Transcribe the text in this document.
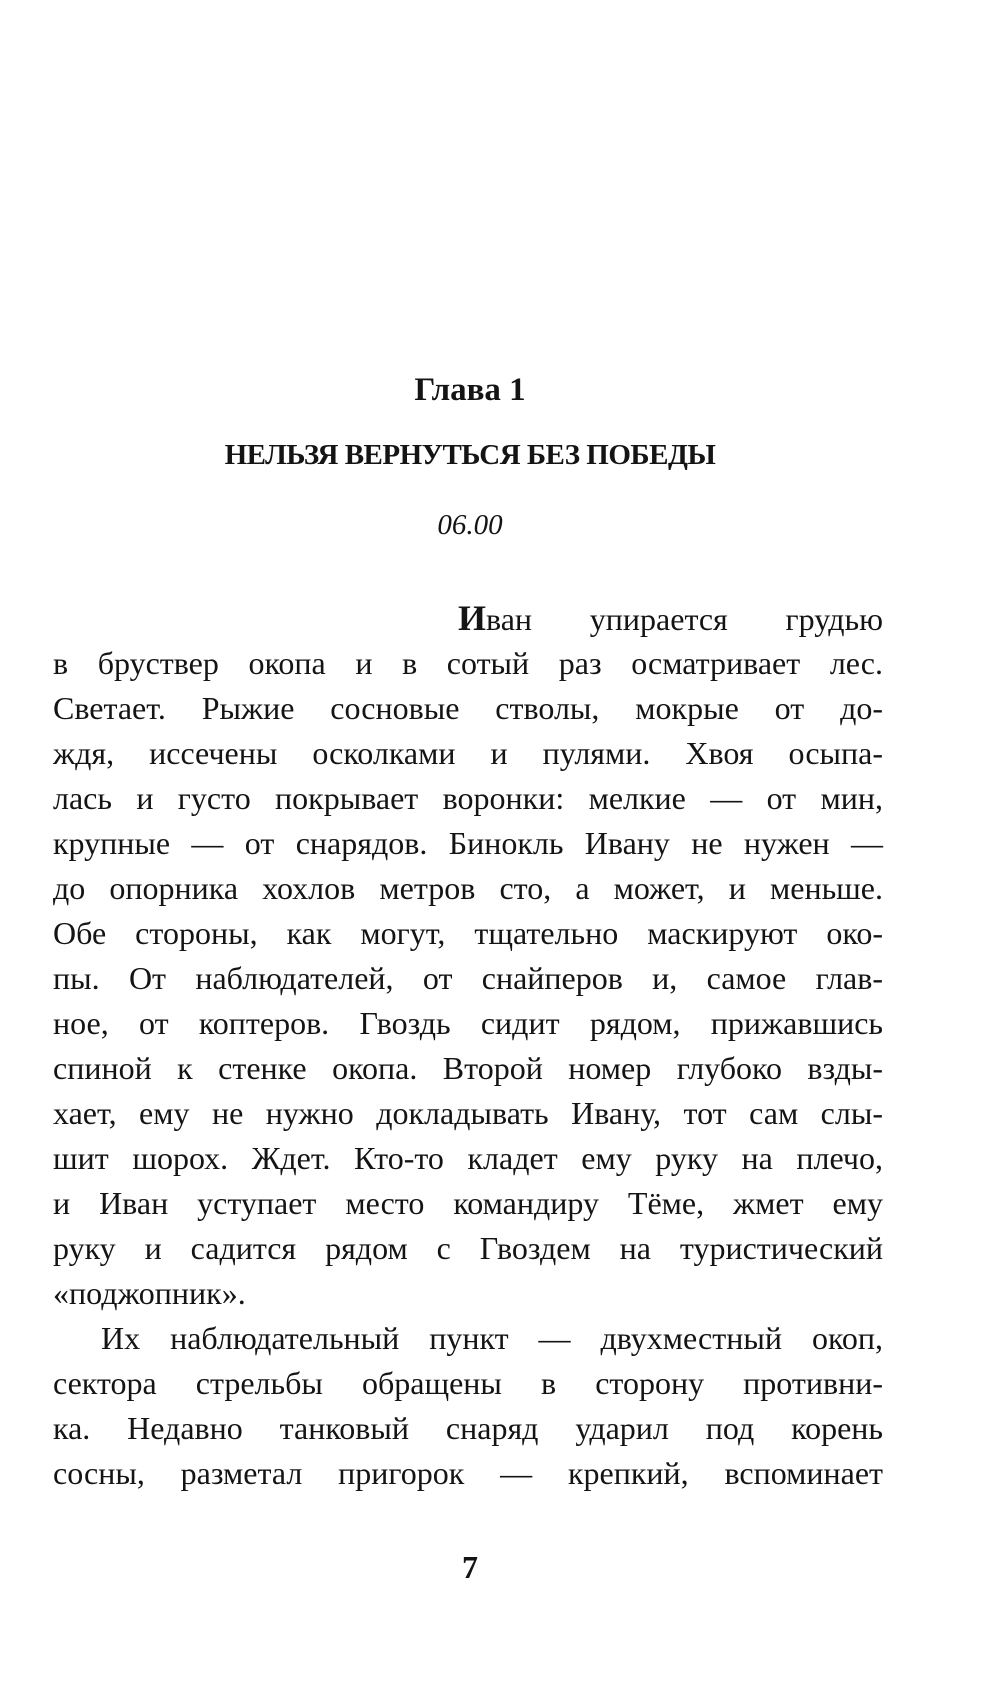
Глава 1
НЕЛЬЗЯ ВЕРНУТЬСЯ БЕЗ ПОБЕДЫ
06.00
Иван упирается грудью
в бруствер окопа и в сотый раз осматривает лес.
Светает. Рыжие сосновые стволы, мокрые от до-
ждя, иссечены осколками и пулями. Хвоя осыпа-
лась и густо покрывает воронки: мелкие — от мин,
крупные — от снарядов. Бинокль Ивану не нужен —
до опорника хохлов метров сто, а может, и меньше.
Обе стороны, как могут, тщательно маскируют око-
пы. От наблюдателей, от снайперов и, самое глав-
ное, от коптеров. Гвоздь сидит рядом, прижавшись
спиной к стенке окопа. Второй номер глубоко взды-
хает, ему не нужно докладывать Ивану, тот сам слы-
шит шорох. Ждет. Кто-то кладет ему руку на плечо,
и Иван уступает место командиру Тёме, жмет ему
руку и садится рядом с Гвоздем на туристический
«поджопник».
Их наблюдательный пункт — двухместный окоп,
сектора стрельбы обращены в сторону противни-
ка. Недавно танковый снаряд ударил под корень
сосны, разметал пригорок — крепкий, вспоминает
7
